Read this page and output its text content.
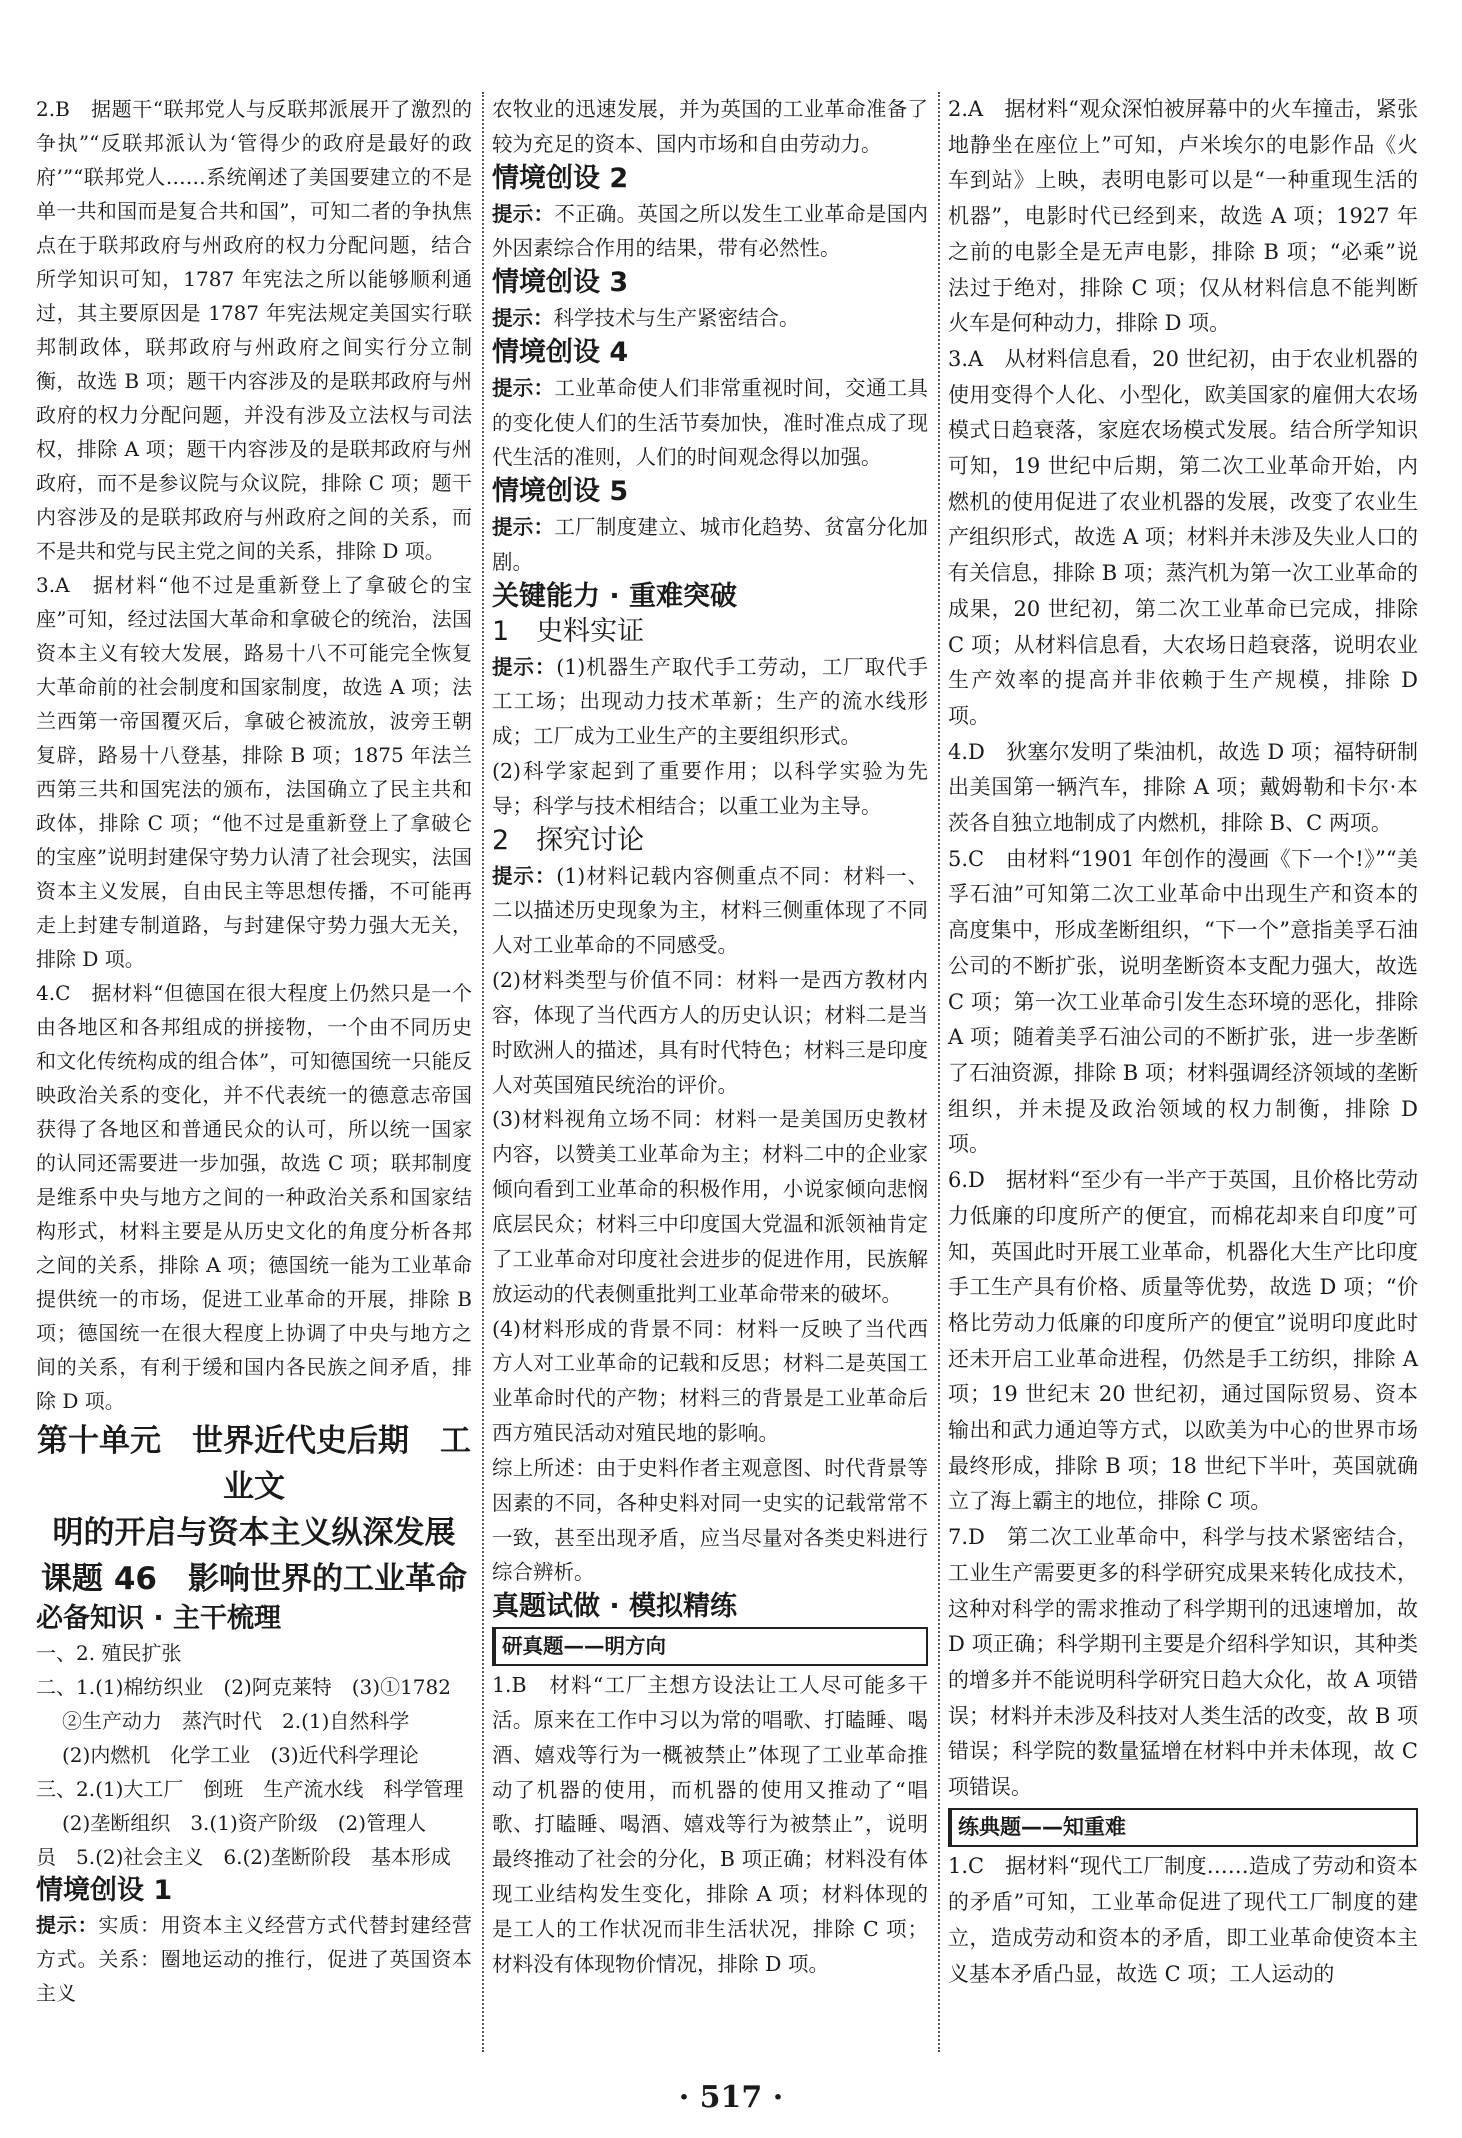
2.B　据题干“联邦党人与反联邦派展开了激烈的争执”“反联邦派认为‘管得少的政府是最好的政府’”“联邦党人……系统阐述了美国要建立的不是单一共和国而是复合共和国”，可知二者的争执焦点在于联邦政府与州政府的权力分配问题，结合所学知识可知，1787 年宪法之所以能够顺利通过，其主要原因是 1787 年宪法规定美国实行联邦制政体，联邦政府与州政府之间实行分立制衡，故选 B 项；题干内容涉及的是联邦政府与州政府的权力分配问题，并没有涉及立法权与司法权，排除 A 项；题干内容涉及的是联邦政府与州政府，而不是参议院与众议院，排除 C 项；题干内容涉及的是联邦政府与州政府之间的关系，而不是共和党与民主党之间的关系，排除 D 项。

3.A　据材料“他不过是重新登上了拿破仑的宝座”可知，经过法国大革命和拿破仑的统治，法国资本主义有较大发展，路易十八不可能完全恢复大革命前的社会制度和国家制度，故选 A 项；法兰西第一帝国覆灭后，拿破仑被流放，波旁王朝复辟，路易十八登基，排除 B 项；1875 年法兰西第三共和国宪法的颁布，法国确立了民主共和政体，排除 C 项；“他不过是重新登上了拿破仑的宝座”说明封建保守势力认清了社会现实，法国资本主义发展，自由民主等思想传播，不可能再走上封建专制道路，与封建保守势力强大无关，排除 D 项。

4.C　据材料“但德国在很大程度上仍然只是一个由各地区和各邦组成的拼接物，一个由不同历史和文化传统构成的组合体”，可知德国统一只能反映政治关系的变化，并不代表统一的德意志帝国获得了各地区和普通民众的认可，所以统一国家的认同还需要进一步加强，故选 C 项；联邦制度是维系中央与地方之间的一种政治关系和国家结构形式，材料主要是从历史文化的角度分析各邦之间的关系，排除 A 项；德国统一能为工业革命提供统一的市场，促进工业革命的开展，排除 B 项；德国统一在很大程度上协调了中央与地方之间的关系，有利于缓和国内各民族之间矛盾，排除 D 项。

第十单元　世界近代史后期　工业文

明的开启与资本主义纵深发展

课题 46　影响世界的工业革命

必备知识 · 主干梳理

一、2. 殖民扩张

二、1.(1)棉纺织业　(2)阿克莱特　(3)①1782

②生产动力　蒸汽时代　2.(1)自然科学

(2)内燃机　化学工业　(3)近代科学理论

三、2.(1)大工厂　倒班　生产流水线　科学管理

(2)垄断组织　3.(1)资产阶级　(2)管理人

员　5.(2)社会主义　6.(2)垄断阶段　基本形成

情境创设 1

提示：实质：用资本主义经营方式代替封建经营方式。关系：圈地运动的推行，促进了英国资本主义

农牧业的迅速发展，并为英国的工业革命准备了较为充足的资本、国内市场和自由劳动力。

情境创设 2

提示：不正确。英国之所以发生工业革命是国内外因素综合作用的结果，带有必然性。

情境创设 3

提示：科学技术与生产紧密结合。

情境创设 4

提示：工业革命使人们非常重视时间，交通工具的变化使人们的生活节奏加快，准时准点成了现代生活的准则，人们的时间观念得以加强。

情境创设 5

提示：工厂制度建立、城市化趋势、贫富分化加剧。

关键能力 · 重难突破

1　史料实证

提示：(1)机器生产取代手工劳动，工厂取代手工工场；出现动力技术革新；生产的流水线形成；工厂成为工业生产的主要组织形式。

(2)科学家起到了重要作用；以科学实验为先导；科学与技术相结合；以重工业为主导。

2　探究讨论

提示：(1)材料记载内容侧重点不同：材料一、二以描述历史现象为主，材料三侧重体现了不同人对工业革命的不同感受。

(2)材料类型与价值不同：材料一是西方教材内容，体现了当代西方人的历史认识；材料二是当时欧洲人的描述，具有时代特色；材料三是印度人对英国殖民统治的评价。

(3)材料视角立场不同：材料一是美国历史教材内容，以赞美工业革命为主；材料二中的企业家倾向看到工业革命的积极作用，小说家倾向悲悯底层民众；材料三中印度国大党温和派领袖肯定了工业革命对印度社会进步的促进作用，民族解放运动的代表侧重批判工业革命带来的破坏。

(4)材料形成的背景不同：材料一反映了当代西方人对工业革命的记载和反思；材料二是英国工业革命时代的产物；材料三的背景是工业革命后西方殖民活动对殖民地的影响。

综上所述：由于史料作者主观意图、时代背景等因素的不同，各种史料对同一史实的记载常常不一致，甚至出现矛盾，应当尽量对各类史料进行综合辨析。

真题试做 · 模拟精练

研真题——明方向

1.B　材料“工厂主想方设法让工人尽可能多干活。原来在工作中习以为常的唱歌、打瞌睡、喝酒、嬉戏等行为一概被禁止”体现了工业革命推动了机器的使用，而机器的使用又推动了“唱歌、打瞌睡、喝酒、嬉戏等行为被禁止”，说明最终推动了社会的分化，B 项正确；材料没有体现工业结构发生变化，排除 A 项；材料体现的是工人的工作状况而非生活状况，排除 C 项；材料没有体现物价情况，排除 D 项。

2.A　据材料“观众深怕被屏幕中的火车撞击，紧张地静坐在座位上”可知，卢米埃尔的电影作品《火车到站》上映，表明电影可以是“一种重现生活的机器”，电影时代已经到来，故选 A 项；1927 年之前的电影全是无声电影，排除 B 项；“必乘”说法过于绝对，排除 C 项；仅从材料信息不能判断火车是何种动力，排除 D 项。

3.A　从材料信息看，20 世纪初，由于农业机器的使用变得个人化、小型化，欧美国家的雇佣大农场模式日趋衰落，家庭农场模式发展。结合所学知识可知，19 世纪中后期，第二次工业革命开始，内燃机的使用促进了农业机器的发展，改变了农业生产组织形式，故选 A 项；材料并未涉及失业人口的有关信息，排除 B 项；蒸汽机为第一次工业革命的成果，20 世纪初，第二次工业革命已完成，排除 C 项；从材料信息看，大农场日趋衰落，说明农业生产效率的提高并非依赖于生产规模，排除 D 项。

4.D　狄塞尔发明了柴油机，故选 D 项；福特研制出美国第一辆汽车，排除 A 项；戴姆勒和卡尔·本茨各自独立地制成了内燃机，排除 B、C 两项。

5.C　由材料“1901 年创作的漫画《下一个!》”“美孚石油”可知第二次工业革命中出现生产和资本的高度集中，形成垄断组织，“下一个”意指美孚石油公司的不断扩张，说明垄断资本支配力强大，故选 C 项；第一次工业革命引发生态环境的恶化，排除 A 项；随着美孚石油公司的不断扩张，进一步垄断了石油资源，排除 B 项；材料强调经济领域的垄断组织，并未提及政治领域的权力制衡，排除 D 项。

6.D　据材料“至少有一半产于英国，且价格比劳动力低廉的印度所产的便宜，而棉花却来自印度”可知，英国此时开展工业革命，机器化大生产比印度手工生产具有价格、质量等优势，故选 D 项；“价格比劳动力低廉的印度所产的便宜”说明印度此时还未开启工业革命进程，仍然是手工纺织，排除 A 项；19 世纪末 20 世纪初，通过国际贸易、资本输出和武力通迫等方式，以欧美为中心的世界市场最终形成，排除 B 项；18 世纪下半叶，英国就确立了海上霸主的地位，排除 C 项。

7.D　第二次工业革命中，科学与技术紧密结合，工业生产需要更多的科学研究成果来转化成技术，这种对科学的需求推动了科学期刊的迅速增加，故 D 项正确；科学期刊主要是介绍科学知识，其种类的增多并不能说明科学研究日趋大众化，故 A 项错误；材料并未涉及科技对人类生活的改变，故 B 项错误；科学院的数量猛增在材料中并未体现，故 C 项错误。

练典题——知重难

1.C　据材料“现代工厂制度……造成了劳动和资本的矛盾”可知，工业革命促进了现代工厂制度的建立，造成劳动和资本的矛盾，即工业革命使资本主义基本矛盾凸显，故选 C 项；工人运动的

· 517 ·
